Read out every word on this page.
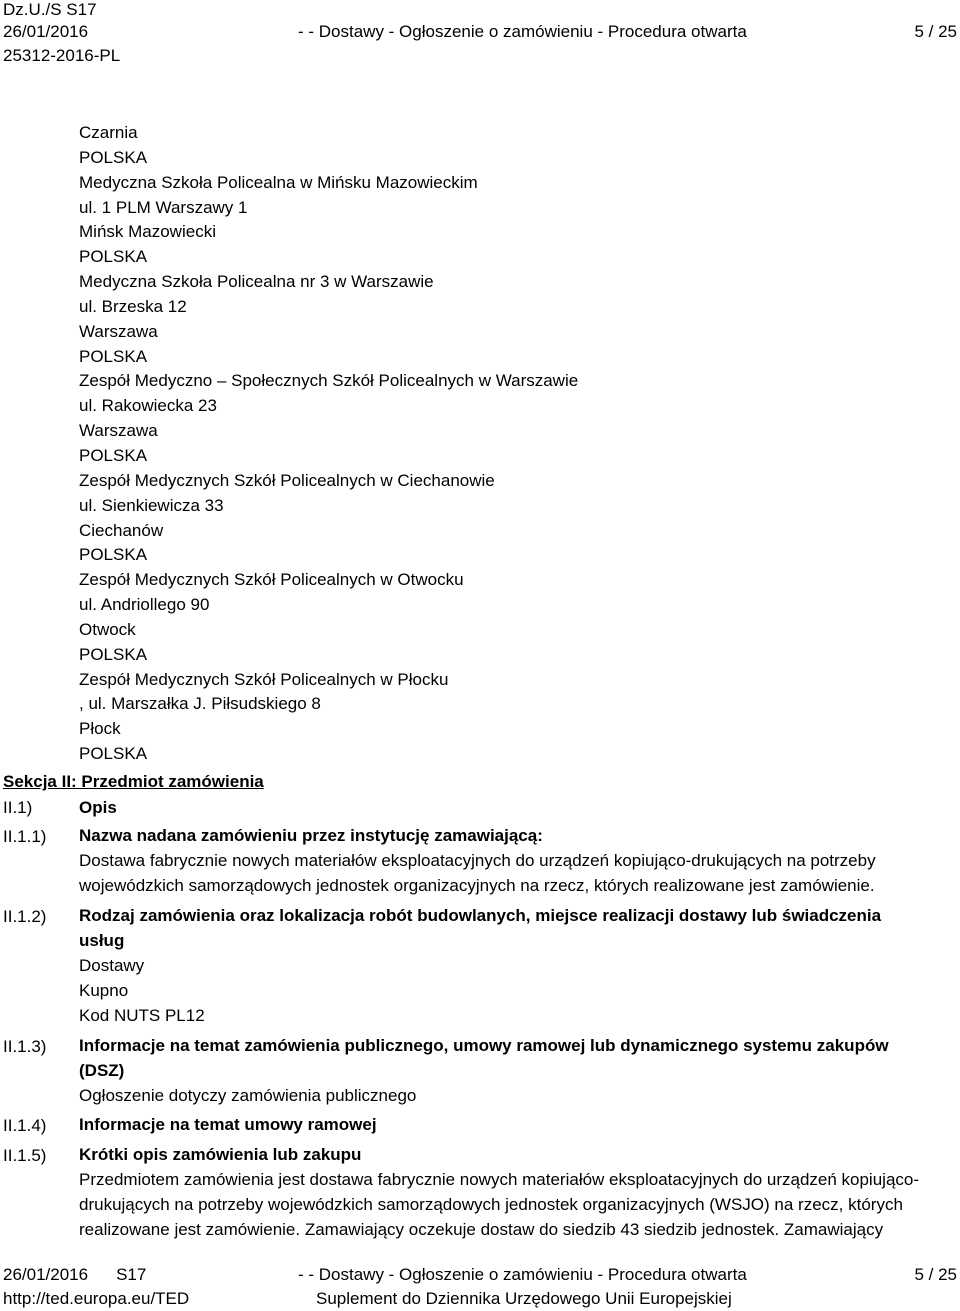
Dz.U./S S17
26/01/2016
25312-2016-PL
- - Dostawy - Ogłoszenie o zamówieniu - Procedura otwarta	5 / 25
Czarnia
POLSKA
Medyczna Szkoła Policealna w Mińsku Mazowieckim
ul. 1 PLM Warszawy 1
Mińsk Mazowiecki
POLSKA
Medyczna Szkoła Policealna nr 3 w Warszawie
ul. Brzeska 12
Warszawa
POLSKA
Zespół Medyczno – Społecznych Szkół Policealnych w Warszawie
ul. Rakowiecka 23
Warszawa
POLSKA
Zespół Medycznych Szkół Policealnych w Ciechanowie
ul. Sienkiewicza 33
Ciechanów
POLSKA
Zespół Medycznych Szkół Policealnych w Otwocku
ul. Andriollego 90
Otwock
POLSKA
Zespół Medycznych Szkół Policealnych w Płocku
, ul. Marszałka J. Piłsudskiego 8
Płock
POLSKA
Sekcja II: Przedmiot zamówienia
II.1)	Opis
II.1.1) Nazwa nadana zamówieniu przez instytucję zamawiającą:
Dostawa fabrycznie nowych materiałów eksploatacyjnych do urządzeń kopiująco-drukujących na potrzeby
wojewódzkich samorządowych jednostek organizacyjnych na rzecz, których realizowane jest zamówienie.
II.1.2) Rodzaj zamówienia oraz lokalizacja robót budowlanych, miejsce realizacji dostawy lub świadczenia
usług
Dostawy
Kupno
Kod NUTS PL12
II.1.3) Informacje na temat zamówienia publicznego, umowy ramowej lub dynamicznego systemu zakupów
(DSZ)
Ogłoszenie dotyczy zamówienia publicznego
II.1.4) Informacje na temat umowy ramowej
II.1.5) Krótki opis zamówienia lub zakupu
Przedmiotem zamówienia jest dostawa fabrycznie nowych materiałów eksploatacyjnych do urządzeń kopiująco-
drukujących na potrzeby wojewódzkich samorządowych jednostek organizacyjnych (WSJO) na rzecz, których
realizowane jest zamówienie. Zamawiający oczekuje dostaw do siedzib 43 siedzib jednostek. Zamawiający
26/01/2016 S17
http://ted.europa.eu/TED
- - Dostawy - Ogłoszenie o zamówieniu - Procedura otwarta
Suplement do Dziennika Urzędowego Unii Europejskiej
5 / 25
